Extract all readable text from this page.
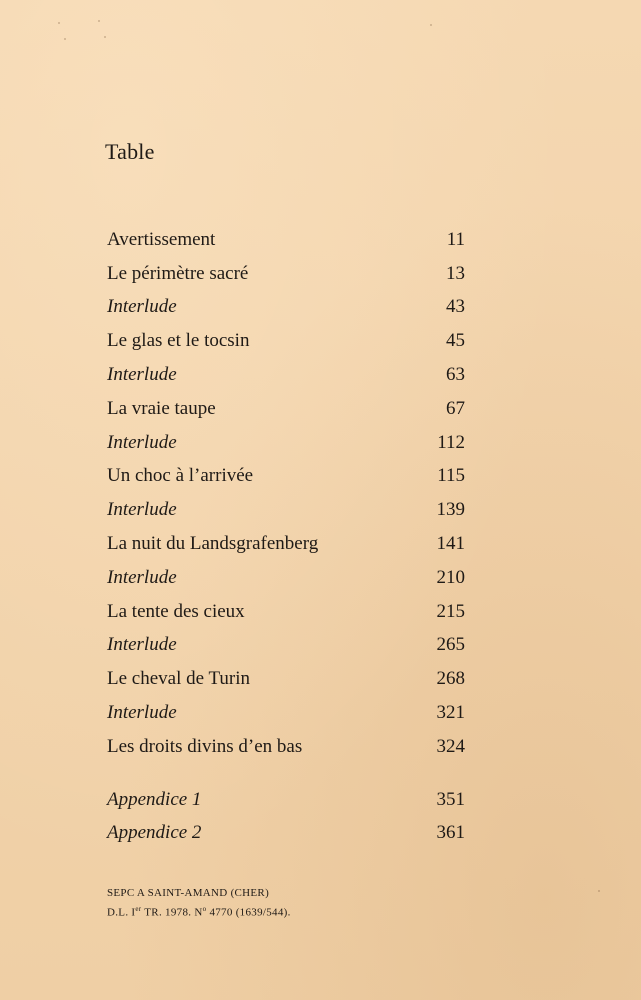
Table
Avertissement	11
Le périmètre sacré	13
Interlude	43
Le glas et le tocsin	45
Interlude	63
La vraie taupe	67
Interlude	112
Un choc à l’arrivée	115
Interlude	139
La nuit du Landsgrafenberg	141
Interlude	210
La tente des cieux	215
Interlude	265
Le cheval de Turin	268
Interlude	321
Les droits divins d’en bas	324
Appendice 1	351
Appendice 2	361
SEPC A SAINT-AMAND (CHER)
D.L. Ier TR. 1978. $N^o$ 4770 (1639/544).
